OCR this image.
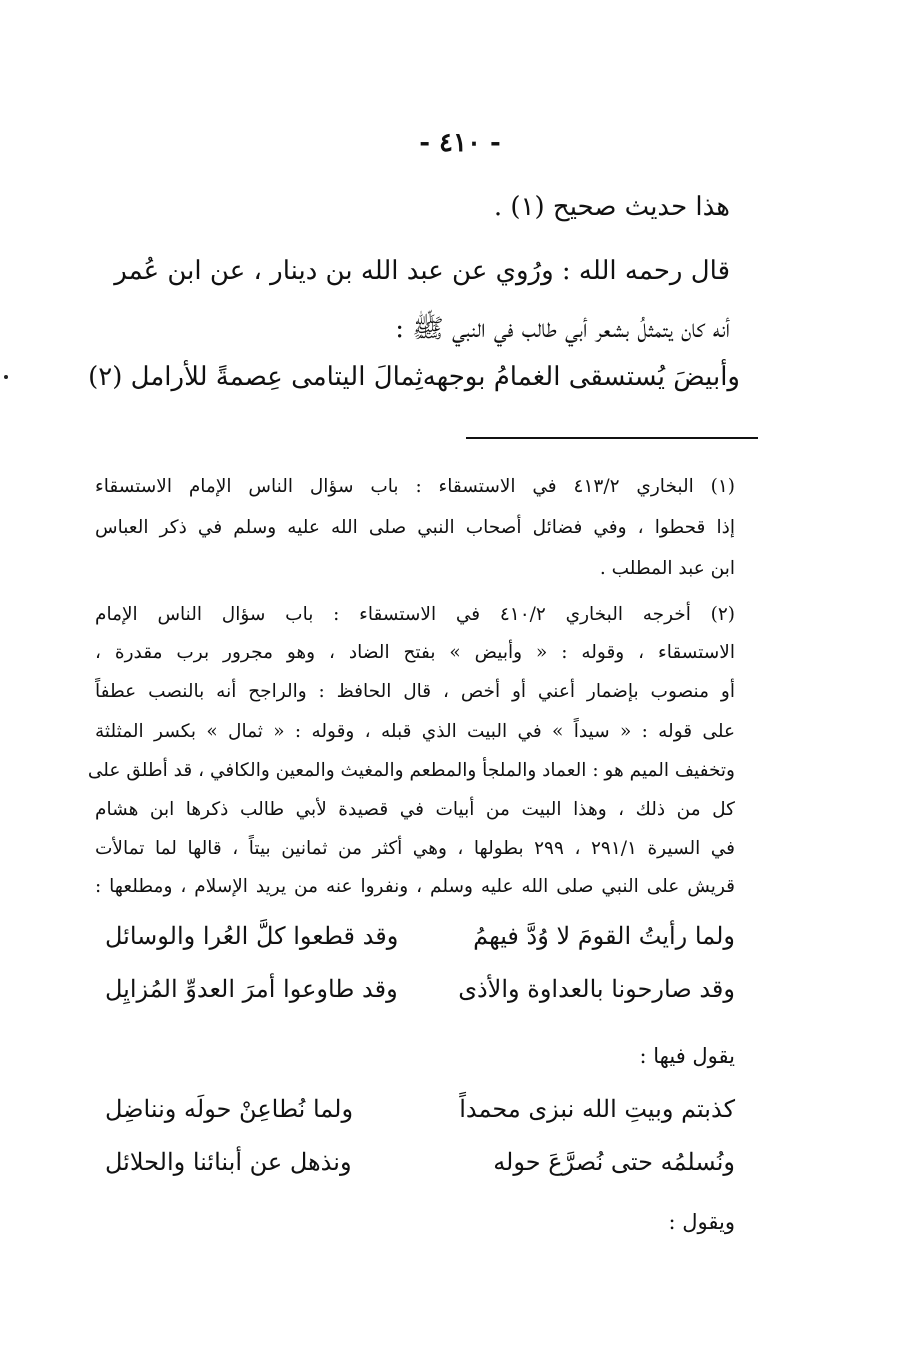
- ٤١٠ -
هذا حديث صحيح (١) .
قال رحمه الله : ورُوي عن عبد الله بن دينار ، عن ابن عُمر
أنه كان يتمثلُ بشعر أبي طالب في النبي ﷺ :
وأبيضَ يُستسقى الغمامُ بوجهه
ثِمالَ اليتامى عِصمةً للأرامل (٢)
(١) البخاري ٤١٣/٢ في الاستسقاء : باب سؤال الناس الإمام الاستسقاء
إذا قحطوا ، وفي فضائل أصحاب النبي صلى الله عليه وسلم في ذكر العباس
ابن عبد المطلب .
(٢) أخرجه البخاري ٤١٠/٢ في الاستسقاء : باب سؤال الناس الإمام
الاستسقاء ، وقوله : « وأبيض » بفتح الضاد ، وهو مجرور برب مقدرة ،
أو منصوب بإضمار أعني أو أخص ، قال الحافظ : والراجح أنه بالنصب عطفاً
على قوله : « سيداً » في البيت الذي قبله ، وقوله : « ثمال » بكسر المثلثة
وتخفيف الميم هو : العماد والملجأ والمطعم والمغيث والمعين والكافي ، قد أطلق على
كل من ذلك ، وهذا البيت من أبيات في قصيدة لأبي طالب ذكرها ابن هشام
في السيرة ٢٩١/١ ، ٢٩٩ بطولها ، وهي أكثر من ثمانين بيتاً ، قالها لما تمالأت
قريش على النبي صلى الله عليه وسلم ، ونفروا عنه من يريد الإسلام ، ومطلعها :
ولما رأيتُ القومَ لا وُدَّ فيهمُ
وقد قطعوا كلَّ العُرا والوسائل
وقد صارحونا بالعداوة والأذى
وقد طاوعوا أمرَ العدوِّ المُزايِل
يقول فيها :
كذبتم وبيتِ الله نبزى محمداً
ولما نُطاعِنْ حولَه ونناضِل
ونُسلمُه حتى نُصرَّعَ حوله
ونذهل عن أبنائنا والحلائل
ويقول :
